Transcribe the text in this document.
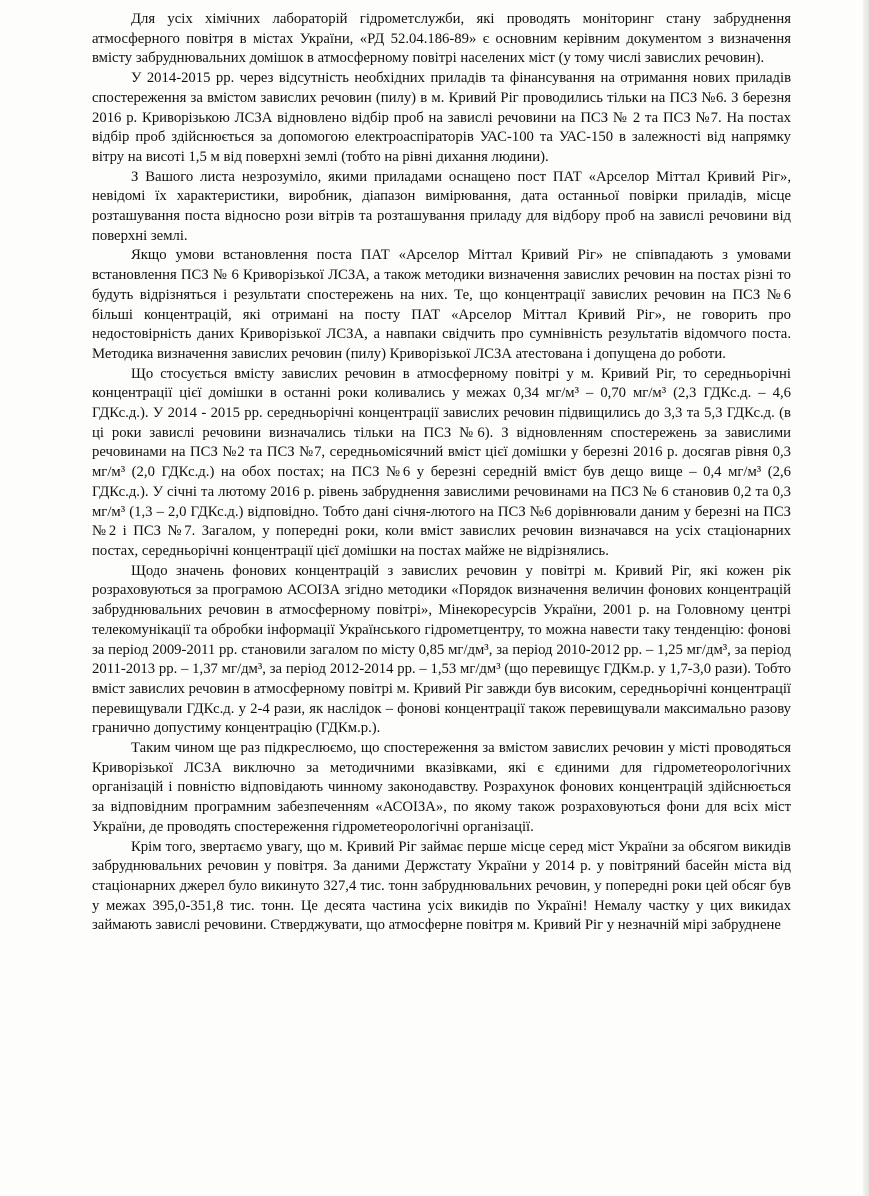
Для усіх хімічних лабораторій гідрометслужби, які проводять моніторинг стану забруднення атмосферного повітря в містах України, «РД 52.04.186-89» є основним керівним документом з визначення вмісту забруднювальних домішок в атмосферному повітрі населених міст (у тому числі завислих речовин).

У 2014-2015 рр. через відсутність необхідних приладів та фінансування на отримання нових приладів спостереження за вмістом завислих речовин (пилу) в м. Кривий Ріг проводились тільки на ПСЗ №6. З березня 2016 р. Криворізькою ЛСЗА відновлено відбір проб на завислі речовини на ПСЗ № 2 та ПСЗ №7. На постах відбір проб здійснюється за допомогою електроаспіраторів УАС-100 та УАС-150 в залежності від напрямку вітру на висоті 1,5 м від поверхні землі (тобто на рівні дихання людини).

З Вашого листа незрозуміло, якими приладами оснащено пост ПАТ «Арселор Міттал Кривий Ріг», невідомі їх характеристики, виробник, діапазон вимірювання, дата останньої повірки приладів, місце розташування поста відносно рози вітрів та розташування приладу для відбору проб на завислі речовини від поверхні землі.

Якщо умови встановлення поста ПАТ «Арселор Міттал Кривий Ріг» не співпадають з умовами встановлення ПСЗ № 6 Криворізької ЛСЗА, а також методики визначення завислих речовин на постах різні то будуть відрізняться і результати спостережень на них. Те, що концентрації завислих речовин на ПСЗ №6 більші концентрацій, які отримані на посту ПАТ «Арселор Міттал Кривий Ріг», не говорить про недостовірність даних Криворізької ЛСЗА, а навпаки свідчить про сумнівність результатів відомчого поста. Методика визначення завислих речовин (пилу) Криворізької ЛСЗА атестована і допущена до роботи.

Що стосується вмісту завислих речовин в атмосферному повітрі у м. Кривий Ріг, то середньорічні концентрації цієї домішки в останні роки коливались у межах 0,34 мг/м³ – 0,70 мг/м³ (2,3 ГДКс.д. – 4,6 ГДКс.д.). У 2014 - 2015 рр. середньорічні концентрації завислих речовин підвищились до 3,3 та 5,3 ГДКс.д. (в ці роки завислі речовини визначались тільки на ПСЗ №6). З відновленням спостережень за завислими речовинами на ПСЗ №2 та ПСЗ №7, середньомісячний вміст цієї домішки у березні 2016 р. досягав рівня 0,3 мг/м³ (2,0 ГДКс.д.) на обох постах; на ПСЗ №6 у березні середній вміст був дещо вище – 0,4 мг/м³ (2,6 ГДКс.д.). У січні та лютому 2016 р. рівень забруднення завислими речовинами на ПСЗ № 6 становив 0,2 та 0,3 мг/м³ (1,3 – 2,0 ГДКс.д.) відповідно. Тобто дані січня-лютого на ПСЗ №6 дорівнювали даним у березні на ПСЗ №2 і ПСЗ №7. Загалом, у попередні роки, коли вміст завислих речовин визначався на усіх стаціонарних постах, середньорічні концентрації цієї домішки на постах майже не відрізнялись.

Щодо значень фонових концентрацій з завислих речовин у повітрі м. Кривий Ріг, які кожен рік розраховуються за програмою АСОІЗА згідно методики «Порядок визначення величин фонових концентрацій забруднювальних речовин в атмосферному повітрі», Мінекоресурсів України, 2001 р. на Головному центрі телекомунікації та обробки інформації Українського гідрометцентру, то можна навести таку тенденцію: фонові за період 2009-2011 рр. становили загалом по місту 0,85 мг/дм³, за період 2010-2012 рр. – 1,25 мг/дм³, за період 2011-2013 рр. – 1,37 мг/дм³, за період 2012-2014 рр. – 1,53 мг/дм³ (що перевищує ГДКм.р. у 1,7-3,0 рази). Тобто вміст завислих речовин в атмосферному повітрі м. Кривий Ріг завжди був високим, середньорічні концентрації перевищували ГДКс.д. у 2-4 рази, як наслідок – фонові концентрації також перевищували максимально разову гранично допустиму концентрацію (ГДКм.р.).

Таким чином ще раз підкреслюємо, що спостереження за вмістом завислих речовин у місті проводяться Криворізької ЛСЗА виключно за методичними вказівками, які є єдиними для гідрометеорологічних організацій і повністю відповідають чинному законодавству. Розрахунок фонових концентрацій здійснюється за відповідним програмним забезпеченням «АСОІЗА», по якому також розраховуються фони для всіх міст України, де проводять спостереження гідрометеорологічні організації.

Крім того, звертаємо увагу, що м. Кривий Ріг займає перше місце серед міст України за обсягом викидів забруднювальних речовин у повітря. За даними Держстату України у 2014 р. у повітряний басейн міста від стаціонарних джерел було викинуто 327,4 тис. тонн забруднювальних речовин, у попередні роки цей обсяг був у межах 395,0-351,8 тис. тонн. Це десята частина усіх викидів по Україні! Немалу частку у цих викидах займають завислі речовини. Стверджувати, що атмосферне повітря м. Кривий Ріг у незначній мірі забруднене
